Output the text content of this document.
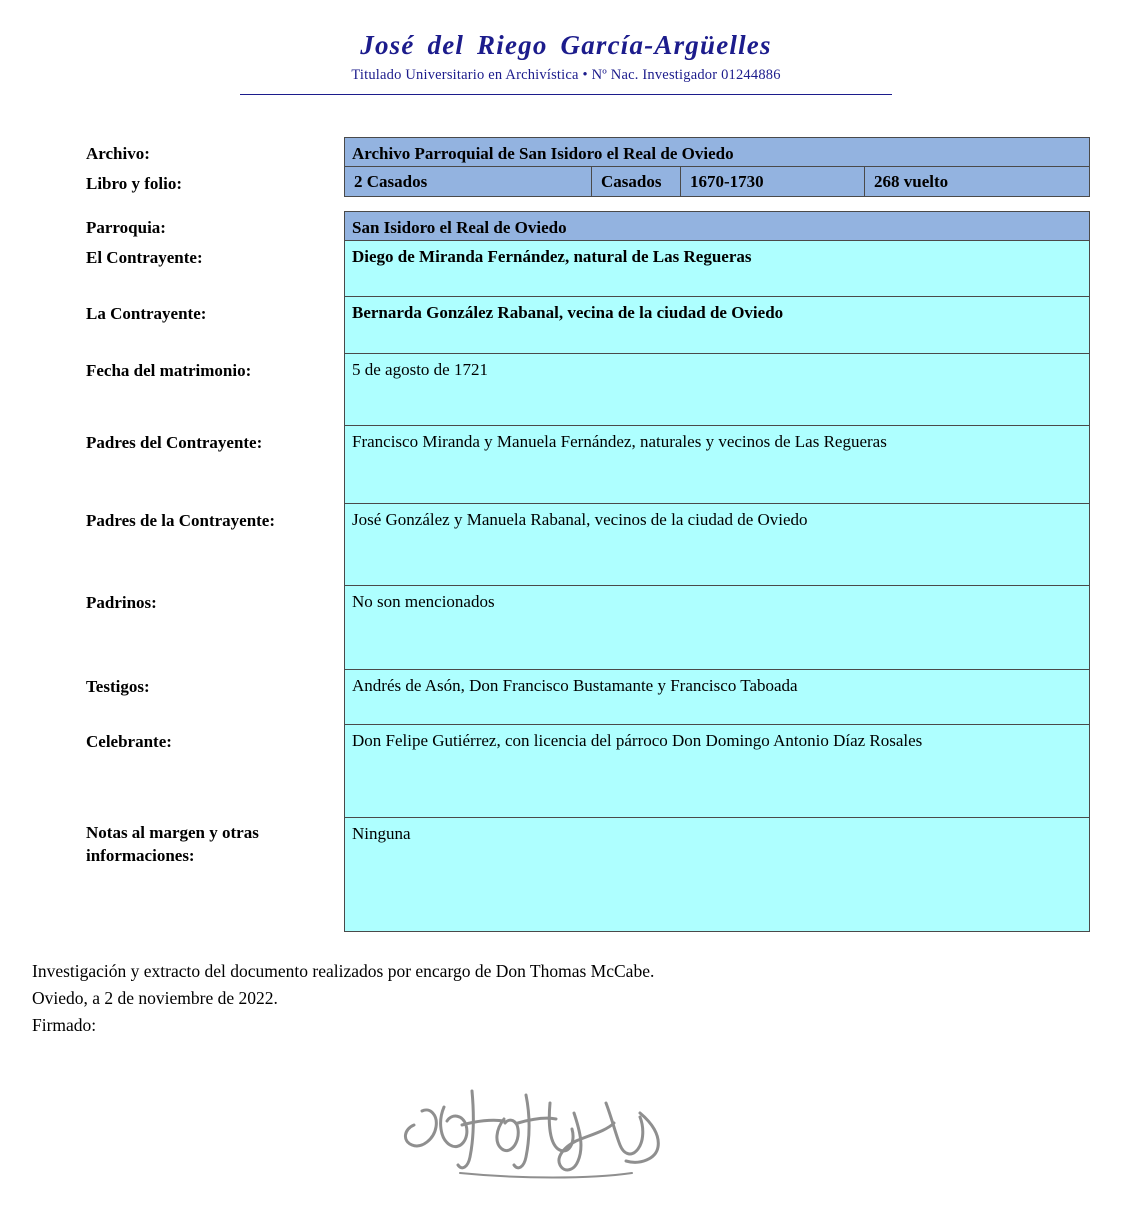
José del Riego García-Argüelles
Titulado Universitario en Archivística • Nº Nac. Investigador 01244886
Archivo:	Archivo Parroquial de San Isidoro el Real de Oviedo
Libro y folio:	2 Casados	Casados	1670-1730	268 vuelto
Parroquia:	San Isidoro el Real de Oviedo
El Contrayente:	Diego de Miranda Fernández, natural de Las Regueras
La Contrayente:	Bernarda González Rabanal, vecina de la ciudad de Oviedo
Fecha del matrimonio:	5 de agosto de 1721
Padres del Contrayente:	Francisco Miranda y Manuela Fernández, naturales y vecinos de Las Regueras
Padres de la Contrayente:	José González y Manuela Rabanal, vecinos de la ciudad de Oviedo
Padrinos:	No son mencionados
Testigos:	Andrés de Asón, Don Francisco Bustamante y Francisco Taboada
Celebrante:	Don Felipe Gutiérrez, con licencia del párroco Don Domingo Antonio Díaz Rosales
Notas al margen y otras informaciones:
Ninguna
Investigación y extracto del documento realizados por encargo de Don Thomas McCabe.
Oviedo, a 2 de noviembre de 2022.
Firmado:
